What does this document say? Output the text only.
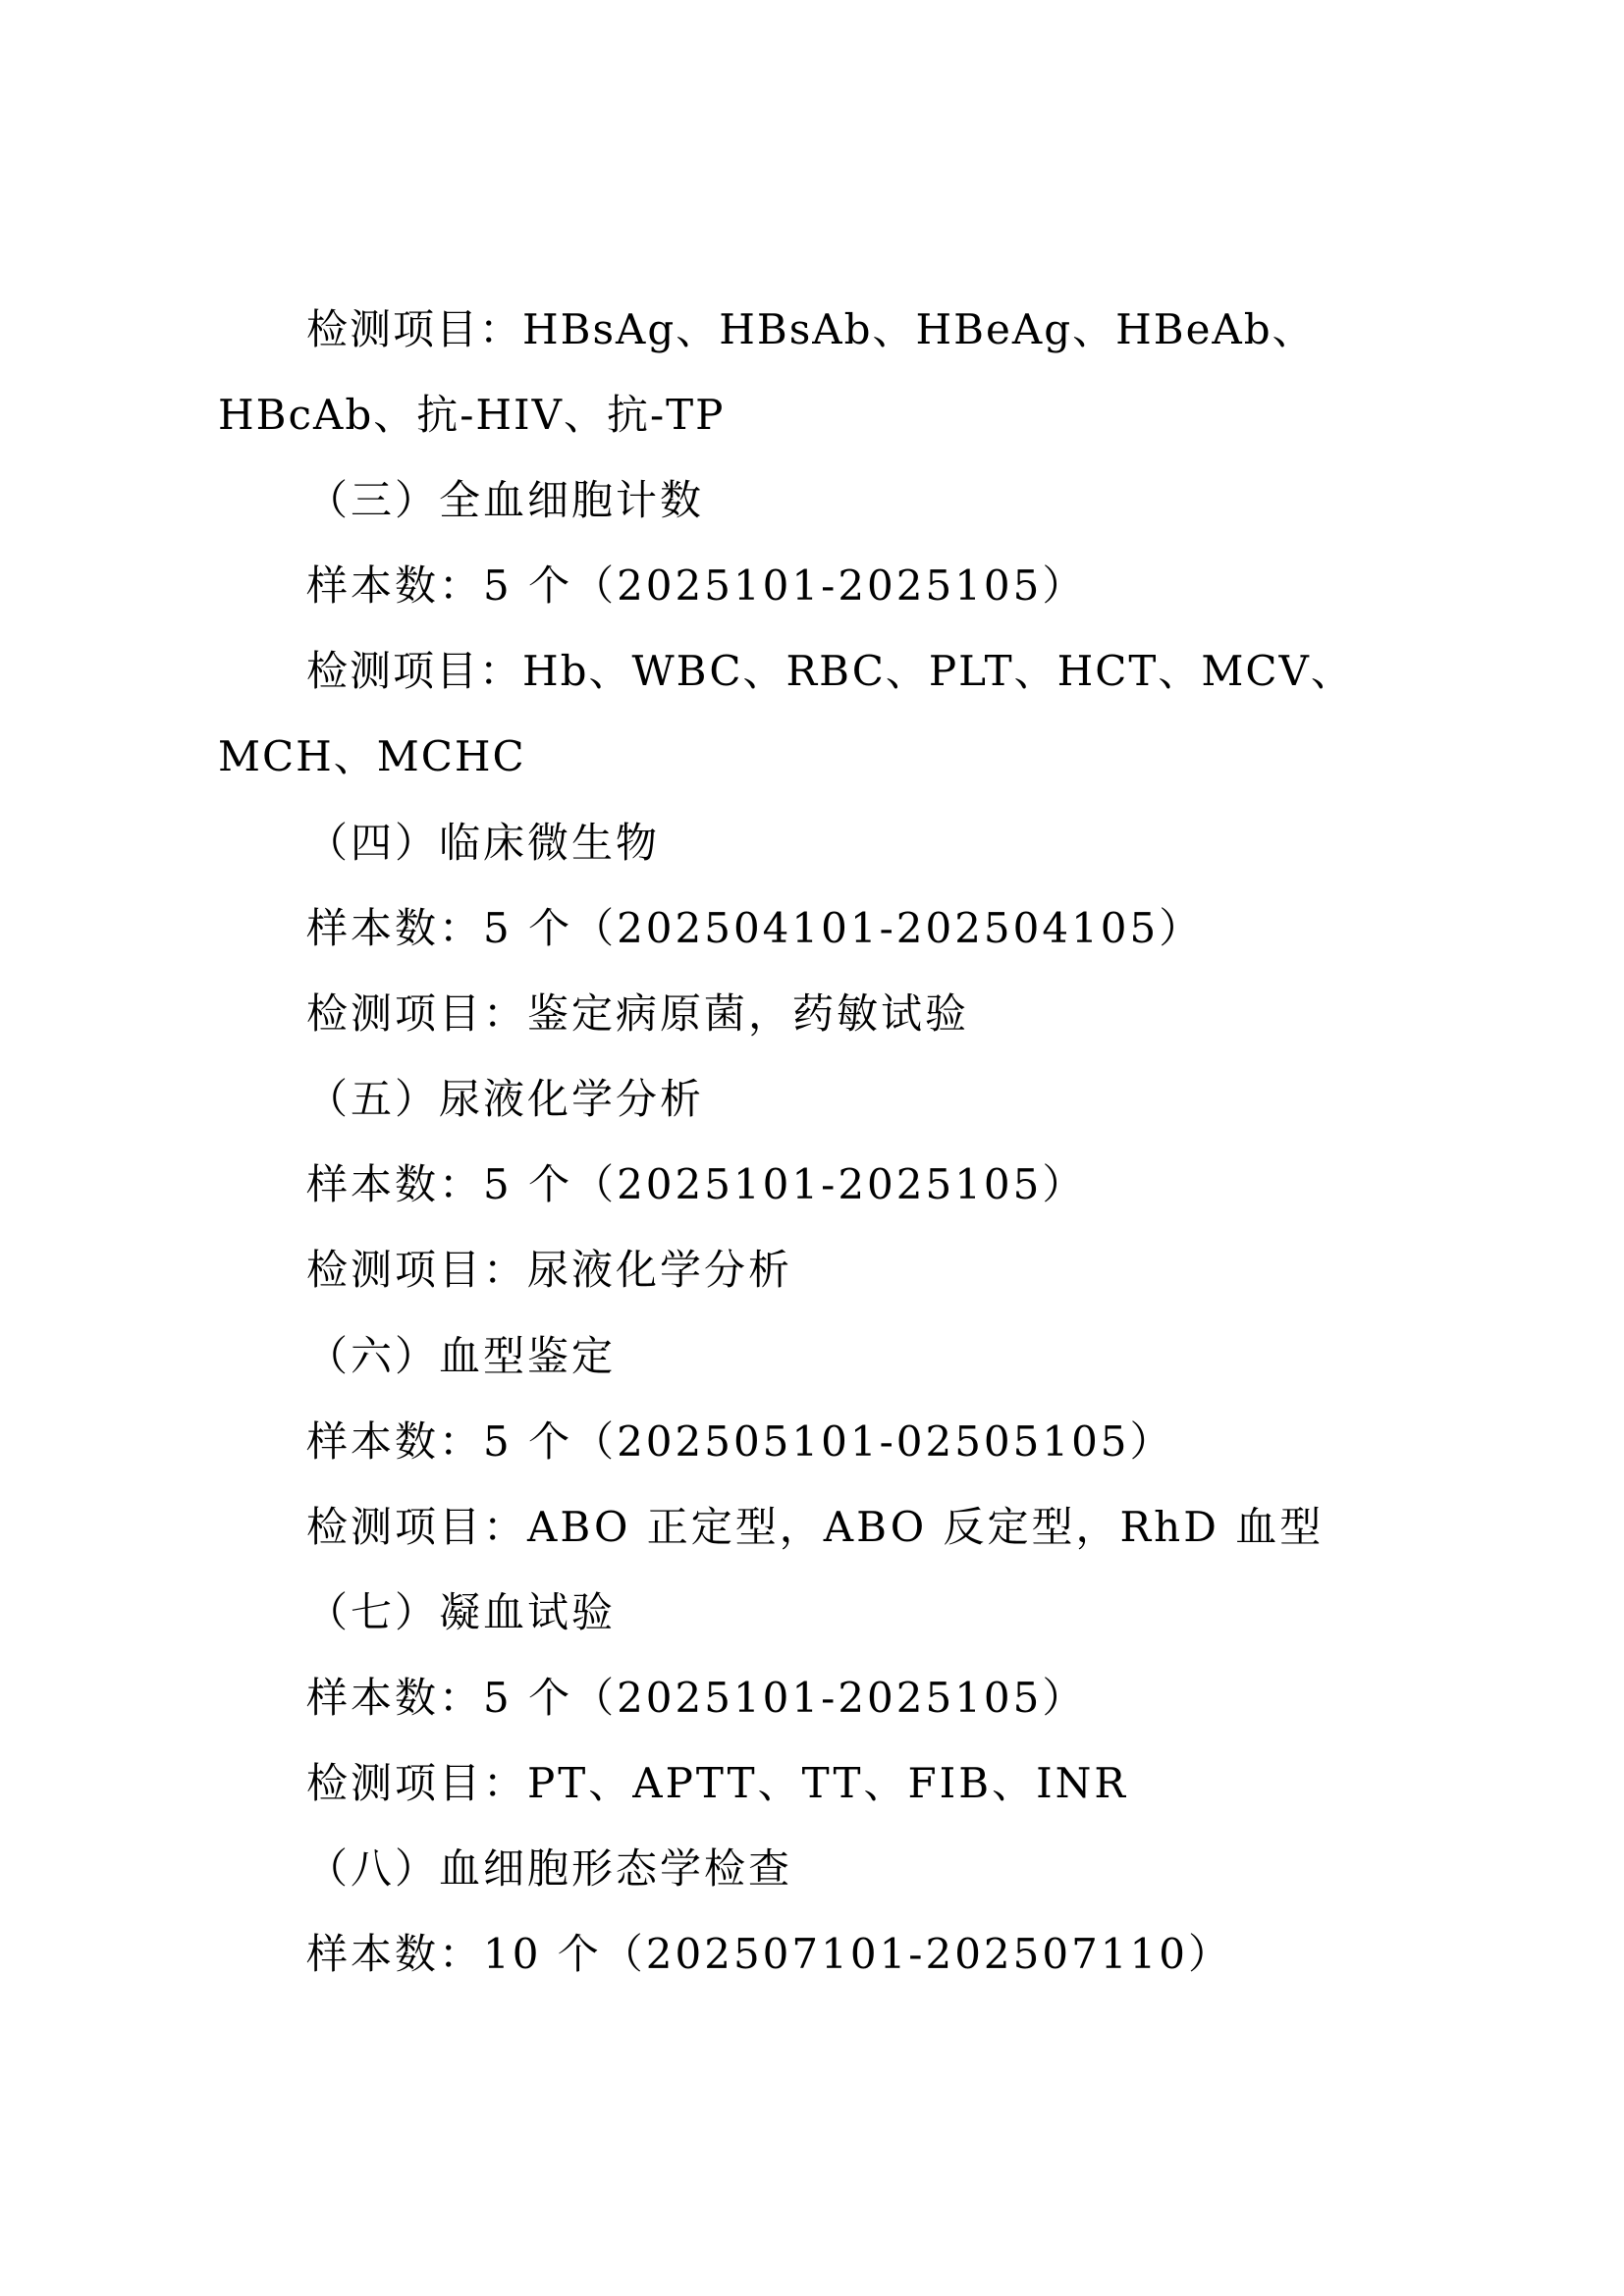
检测项目：HBsAg、HBsAb、HBeAg、HBeAb、HBcAb、抗-HIV、抗-TP
（三）全血细胞计数
样本数：5 个（2025101-2025105）
检测项目：Hb、WBC、RBC、PLT、HCT、MCV、MCH、MCHC
（四）临床微生物
样本数：5 个（202504101-202504105）
检测项目：鉴定病原菌，药敏试验
（五）尿液化学分析
样本数：5 个（2025101-2025105）
检测项目：尿液化学分析
（六）血型鉴定
样本数：5 个（202505101-02505105）
检测项目：ABO 正定型，ABO 反定型，RhD 血型
（七）凝血试验
样本数：5 个（2025101-2025105）
检测项目：PT、APTT、TT、FIB、INR
（八）血细胞形态学检查
样本数：10 个（202507101-202507110）
